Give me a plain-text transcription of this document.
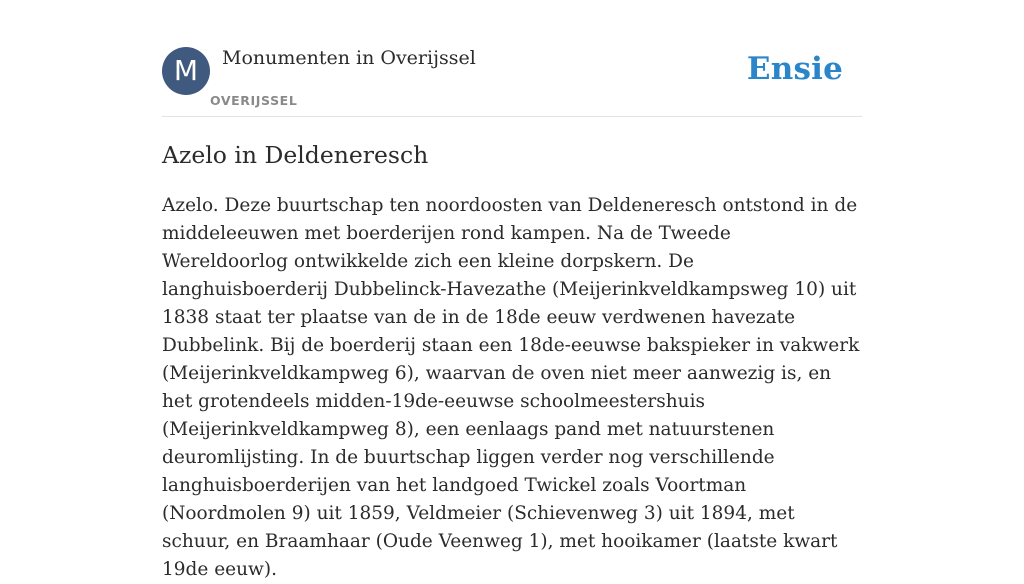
M	Monumenten in Overijssel
OVERIJSSEL
Ensie
Azelo in Deldeneresch

Azelo. Deze buurtschap ten noordoosten van Deldeneresch ontstond in de middeleeuwen met boerderijen rond kampen. Na de Tweede Wereldoorlog ontwikkelde zich een kleine dorpskern. De langhuisboerderij Dubbelinck-Havezathe (Meijerinkveldkampsweg 10) uit 1838 staat ter plaatse van de in de 18de eeuw verdwenen havezate Dubbelink. Bij de boerderij staan een 18de-eeuwse bakspieker in vakwerk (Meijerinkveldkampweg 6), waarvan de oven niet meer aanwezig is, en het grotendeels midden-19de-eeuwse schoolmeestershuis (Meijerinkveldkampweg 8), een eenlaags pand met natuurstenen deuromlijsting. In de buurtschap liggen verder nog verschillende langhuisboerderijen van het landgoed Twickel zoals Voortman (Noordmolen 9) uit 1859, Veldmeier (Schievenweg 3) uit 1894, met schuur, en Braamhaar (Oude Veenweg 1), met hooikamer (laatste kwart 19de eeuw).
